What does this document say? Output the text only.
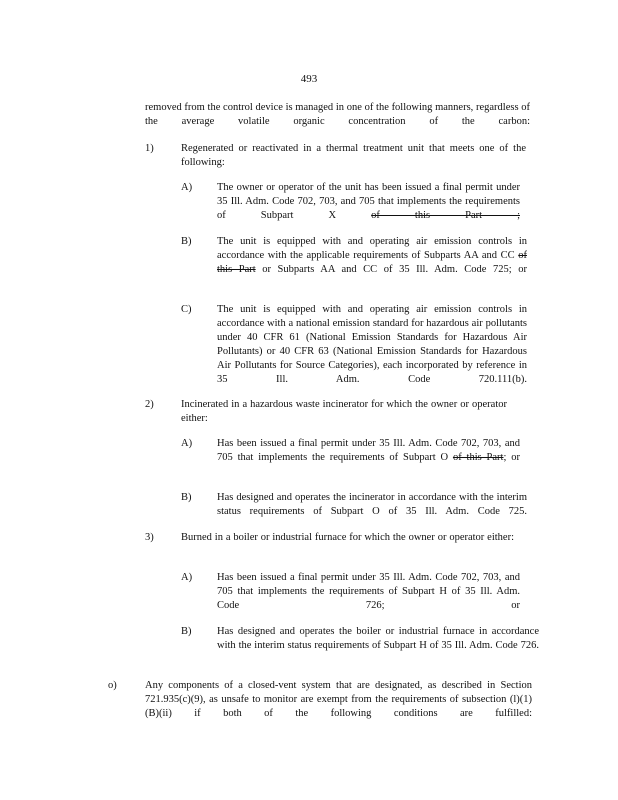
493
removed from the control device is managed in one of the following manners, regardless of the average volatile organic concentration of the carbon:
1)	Regenerated or reactivated in a thermal treatment unit that meets one of the following:
A) The owner or operator of the unit has been issued a final permit under 35 Ill. Adm. Code 702, 703, and 705 that implements the requirements of Subpart X	of this Part ;
B) The unit is equipped with and operating air emission controls in accordance with the applicable requirements of Subparts AA and CC of this Part or Subparts AA and CC of 35 Ill. Adm. Code 725; or
C) The unit is equipped with and operating air emission controls in accordance with a national emission standard for hazardous air pollutants under 40 CFR 61 (National Emission Standards for Hazardous Air Pollutants) or 40 CFR 63 (National Emission Standards for Hazardous Air Pollutants for Source Categories), each incorporated by reference in 35 Ill. Adm. Code 720.111(b).
2)	Incinerated in a hazardous waste incinerator for which the owner or operator either:
A) Has been issued a final permit under 35 Ill. Adm. Code 702, 703, and 705 that implements the requirements of Subpart O of this Part; or
B) Has designed and operates the incinerator in accordance with the interim status requirements of Subpart O of 35 Ill. Adm. Code 725.
3)	Burned in a boiler or industrial furnace for which the owner or operator either:
A) Has been issued a final permit under 35 Ill. Adm. Code 702, 703, and 705 that implements the requirements of Subpart H of 35 Ill. Adm. Code 726; or
B) Has designed and operates the boiler or industrial furnace in accordance with the interim status requirements of Subpart H of 35 Ill. Adm. Code 726.
o)	Any components of a closed-vent system that are designated, as described in Section 721.935(c)(9), as unsafe to monitor are exempt from the requirements of subsection (l)(1)(B)(ii) if both of the following conditions are fulfilled:
